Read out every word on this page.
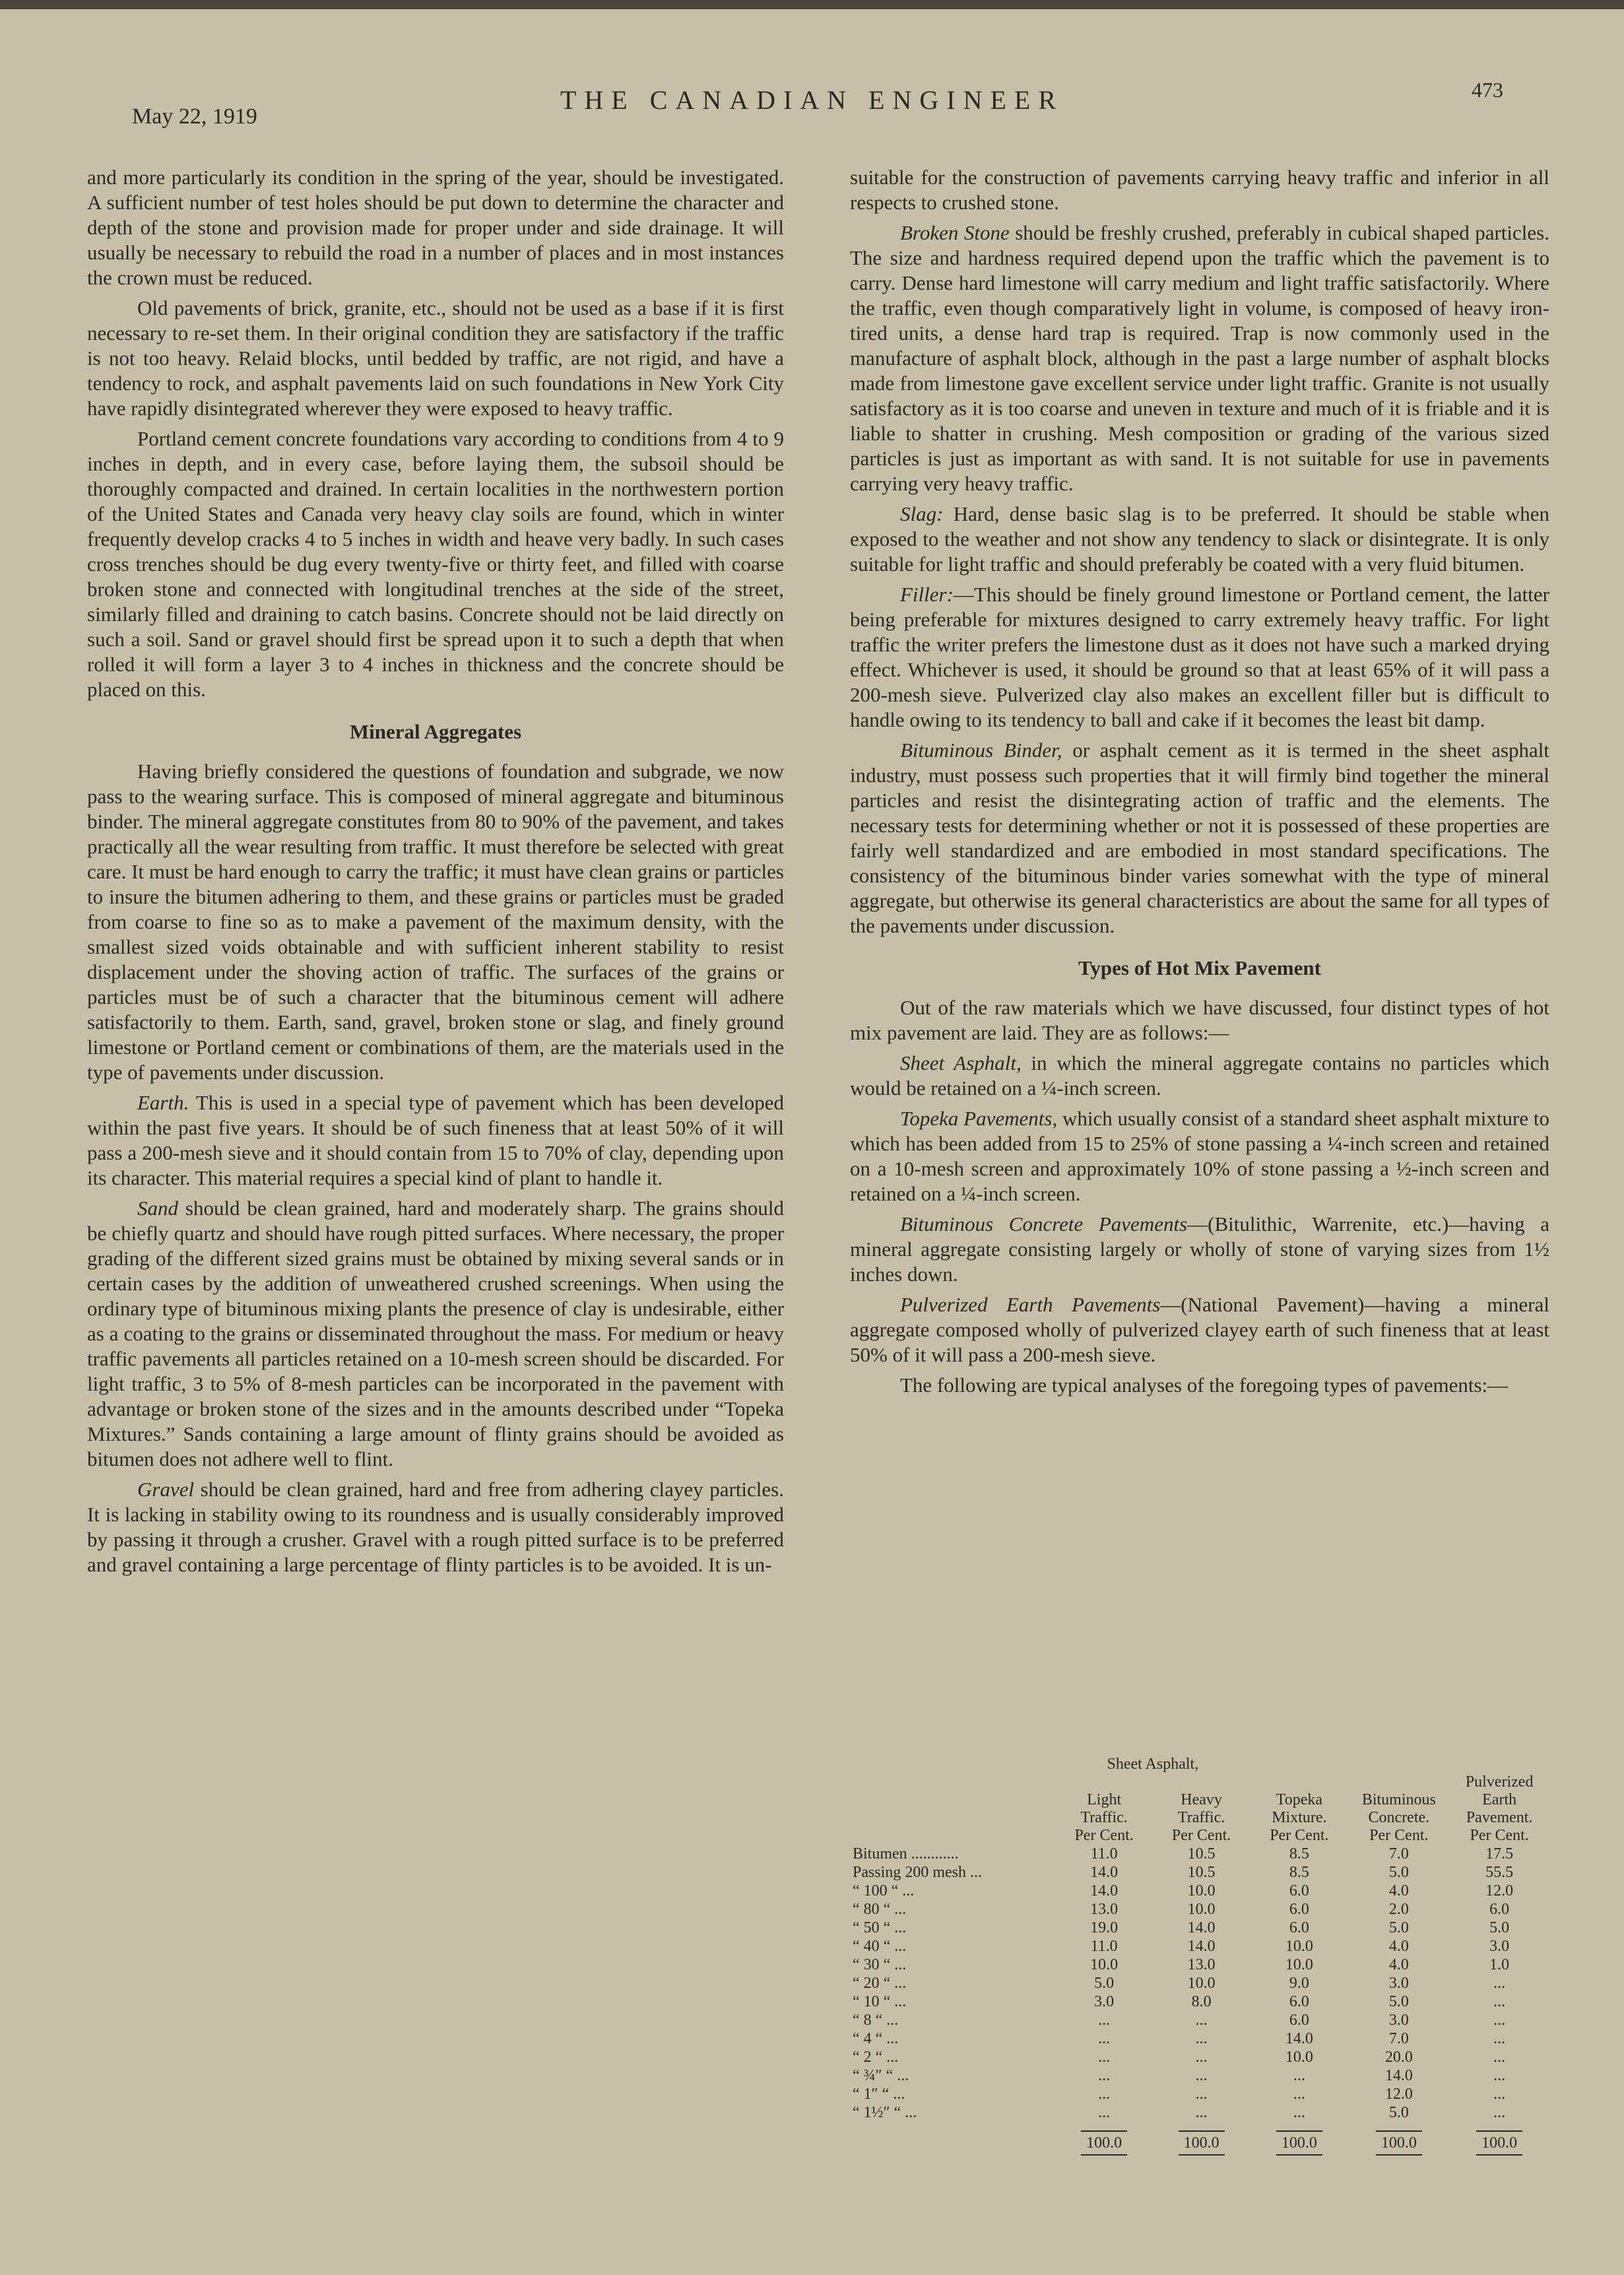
May 22, 1919
THE CANADIAN ENGINEER	473

and more particularly its condition in the spring of the year, should be investigated. A sufficient number of test holes should be put down to determine the character and depth of the stone and provision made for proper under and side drainage. It will usually be necessary to rebuild the road in a number of places and in most instances the crown must be reduced.

Old pavements of brick, granite, etc., should not be used as a base if it is first necessary to re-set them. In their original condition they are satisfactory if the traffic is not too heavy. Relaid blocks, until bedded by traffic, are not rigid, and have a tendency to rock, and asphalt pavements laid on such foundations in New York City have rapidly disintegrated wherever they were exposed to heavy traffic.

Portland cement concrete foundations vary according to conditions from 4 to 9 inches in depth, and in every case, before laying them, the subsoil should be thoroughly compacted and drained. In certain localities in the northwestern portion of the United States and Canada very heavy clay soils are found, which in winter frequently develop cracks 4 to 5 inches in width and heave very badly. In such cases cross trenches should be dug every twenty-five or thirty feet, and filled with coarse broken stone and connected with longitudinal trenches at the side of the street, similarly filled and draining to catch basins. Concrete should not be laid directly on such a soil. Sand or gravel should first be spread upon it to such a depth that when rolled it will form a layer 3 to 4 inches in thickness and the concrete should be placed on this.

Mineral Aggregates

Having briefly considered the questions of foundation and subgrade, we now pass to the wearing surface. This is composed of mineral aggregate and bituminous binder. The mineral aggregate constitutes from 80 to 90% of the pavement, and takes practically all the wear resulting from traffic. It must therefore be selected with great care. It must be hard enough to carry the traffic; it must have clean grains or particles to insure the bitumen adhering to them, and these grains or particles must be graded from coarse to fine so as to make a pavement of the maximum density, with the smallest sized voids obtainable and with sufficient inherent stability to resist displacement under the shoving action of traffic. The surfaces of the grains or particles must be of such a character that the bituminous cement will adhere satisfactorily to them. Earth, sand, gravel, broken stone or slag, and finely ground limestone or Portland cement or combinations of them, are the materials used in the type of pavements under discussion.

Earth. This is used in a special type of pavement which has been developed within the past five years. It should be of such fineness that at least 50% of it will pass a 200-mesh sieve and it should contain from 15 to 70% of clay, depending upon its character. This material requires a special kind of plant to handle it.

Sand should be clean grained, hard and moderately sharp. The grains should be chiefly quartz and should have rough pitted surfaces. Where necessary, the proper grading of the different sized grains must be obtained by mixing several sands or in certain cases by the addition of unweathered crushed screenings. When using the ordinary type of bituminous mixing plants the presence of clay is undesirable, either as a coating to the grains or disseminated throughout the mass. For medium or heavy traffic pavements all particles retained on a 10-mesh screen should be discarded. For light traffic, 3 to 5% of 8-mesh particles can be incorporated in the pavement with advantage or broken stone of the sizes and in the amounts described under “Topeka Mixtures.” Sands containing a large amount of flinty grains should be avoided as bitumen does not adhere well to flint.

Gravel should be clean grained, hard and free from adhering clayey particles. It is lacking in stability owing to its roundness and is usually considerably improved by passing it through a crusher. Gravel with a rough pitted surface is to be preferred and gravel containing a large percentage of flinty particles is to be avoided. It is un-

suitable for the construction of pavements carrying heavy traffic and inferior in all respects to crushed stone.

Broken Stone should be freshly crushed, preferably in cubical shaped particles. The size and hardness required depend upon the traffic which the pavement is to carry. Dense hard limestone will carry medium and light traffic satisfactorily. Where the traffic, even though comparatively light in volume, is composed of heavy iron-tired units, a dense hard trap is required. Trap is now commonly used in the manufacture of asphalt block, although in the past a large number of asphalt blocks made from limestone gave excellent service under light traffic. Granite is not usually satisfactory as it is too coarse and uneven in texture and much of it is friable and it is liable to shatter in crushing. Mesh composition or grading of the various sized particles is just as important as with sand. It is not suitable for use in pavements carrying very heavy traffic.

Slag: Hard, dense basic slag is to be preferred. It should be stable when exposed to the weather and not show any tendency to slack or disintegrate. It is only suitable for light traffic and should preferably be coated with a very fluid bitumen.

Filler:—This should be finely ground limestone or Portland cement, the latter being preferable for mixtures designed to carry extremely heavy traffic. For light traffic the writer prefers the limestone dust as it does not have such a marked drying effect. Whichever is used, it should be ground so that at least 65% of it will pass a 200-mesh sieve. Pulverized clay also makes an excellent filler but is difficult to handle owing to its tendency to ball and cake if it becomes the least bit damp.

Bituminous Binder, or asphalt cement as it is termed in the sheet asphalt industry, must possess such properties that it will firmly bind together the mineral particles and resist the disintegrating action of traffic and the elements. The necessary tests for determining whether or not it is possessed of these properties are fairly well standardized and are embodied in most standard specifications. The consistency of the bituminous binder varies somewhat with the type of mineral aggregate, but otherwise its general characteristics are about the same for all types of the pavements under discussion.

Types of Hot Mix Pavement

Out of the raw materials which we have discussed, four distinct types of hot mix pavement are laid. They are as follows:—

Sheet Asphalt, in which the mineral aggregate contains no particles which would be retained on a ¼-inch screen.

Topeka Pavements, which usually consist of a standard sheet asphalt mixture to which has been added from 15 to 25% of stone passing a ¼-inch screen and retained on a 10-mesh screen and approximately 10% of stone passing a ½-inch screen and retained on a ¼-inch screen.

Bituminous Concrete Pavements—(Bitulithic, Warrenite, etc.)—having a mineral aggregate consisting largely or wholly of stone of varying sizes from 1½ inches down.

Pulverized Earth Pavements—(National Pavement)—having a mineral aggregate composed wholly of pulverized clayey earth of such fineness that at least 50% of it will pass a 200-mesh sieve.

The following are typical analyses of the foregoing types of pavements:—

	Sheet Asphalt,				
	Light
Traffic.
Per Cent.	Heavy
Traffic.
Per Cent.	Topeka
Mixture.
Per Cent.	Bituminous
Concrete.
Per Cent.	Pulverized
Earth
Pavement.
Per Cent.
Bitumen ............	11.0	10.5	8.5	7.0	17.5
Passing 200 mesh ...	14.0	10.5	8.5	5.0	55.5
“ 100 “ ...	14.0	10.0	6.0	4.0	12.0
“ 80 “ ...	13.0	10.0	6.0	2.0	6.0
“ 50 “ ...	19.0	14.0	6.0	5.0	5.0
“ 40 “ ...	11.0	14.0	10.0	4.0	3.0
“ 30 “ ...	10.0	13.0	10.0	4.0	1.0
“ 20 “ ...	5.0	10.0	9.0	3.0	...
“ 10 “ ...	3.0	8.0	6.0	5.0	...
“ 8 “ ...	...	...	6.0	3.0	...
“ 4 “ ...	...	...	14.0	7.0	...
“ 2 “ ...	...	...	10.0	20.0	...
“ ¾″ “ ...	...	...	...	14.0	...
“ 1″ “ ...	...	...	...	12.0	...
“ 1½″ “ ...	...	...	...	5.0	...
	100.0	100.0	100.0	100.0	100.0
